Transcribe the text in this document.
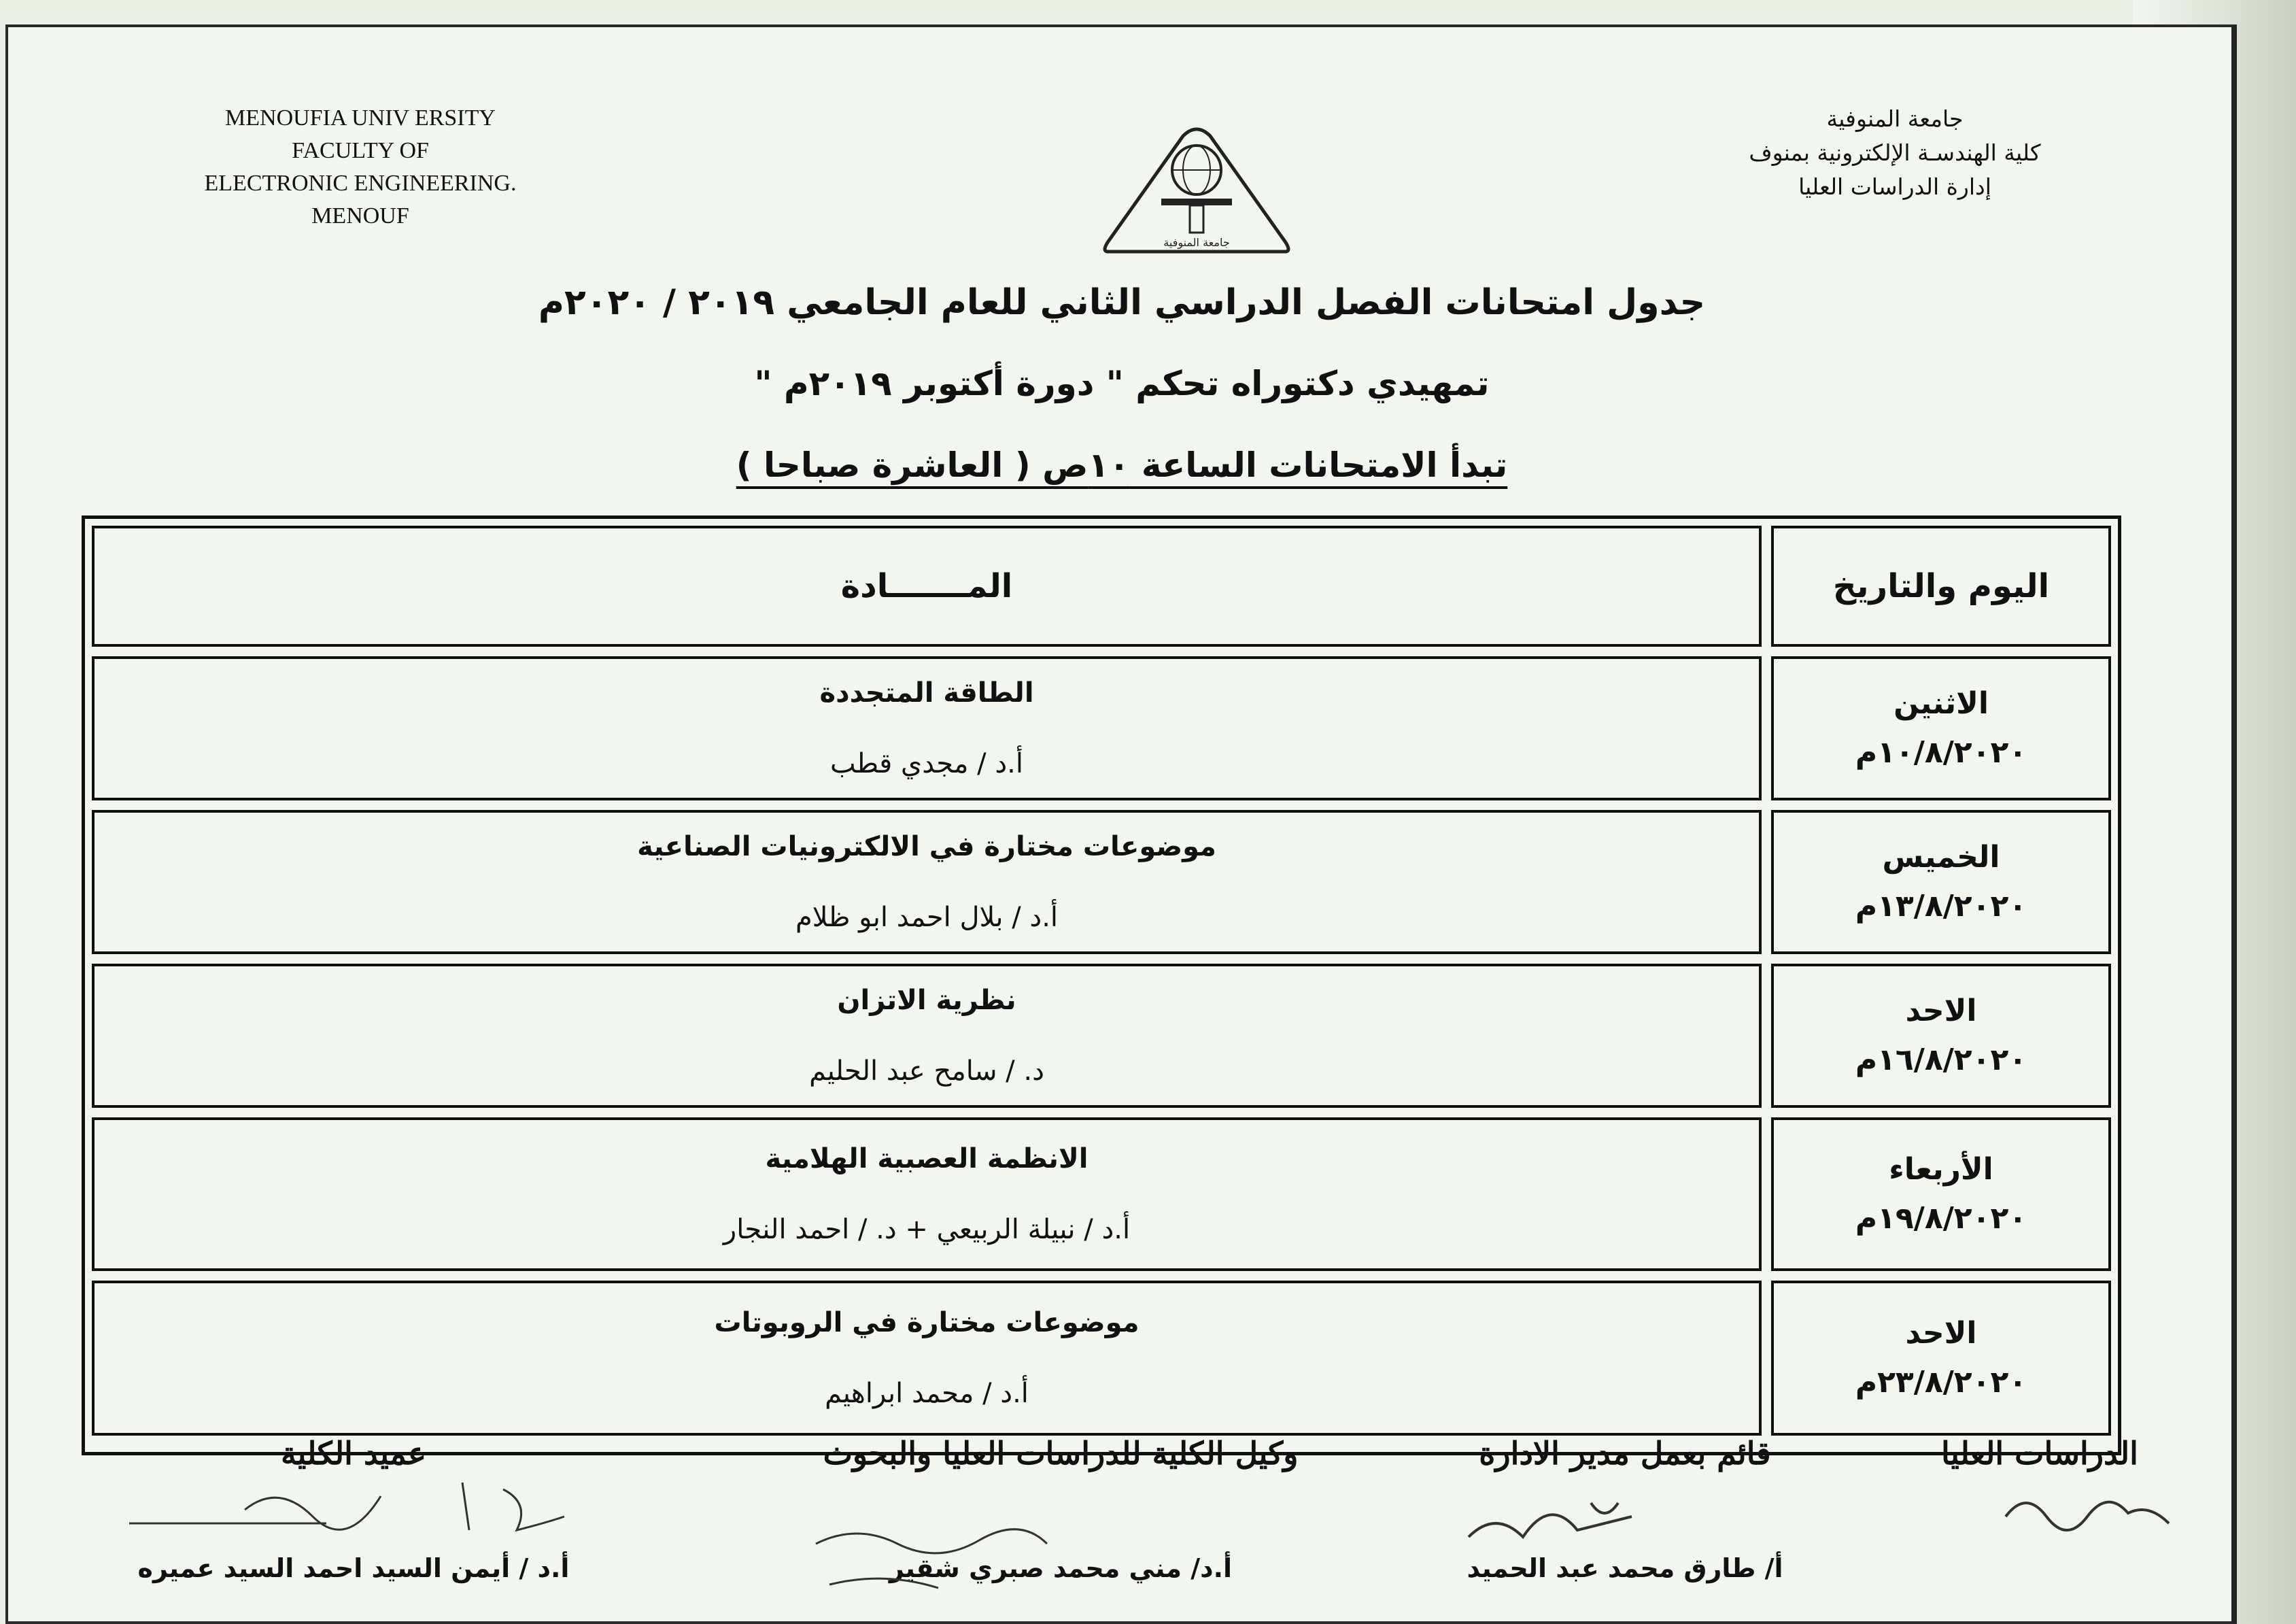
MENOUFIA UNIV ERSITY
FACULTY OF
ELECTRONIC ENGINEERING.
MENOUF
جامعة المنوفية
جامعة المنوفية
كلية الهندسـة الإلكترونية بمنوف
إدارة الدراسات العليا
جدول امتحانات الفصل الدراسي الثاني للعام الجامعي ٢٠١٩ / ٢٠٢٠م
تمهيدي دكتوراه تحكم " دورة أكتوبر ٢٠١٩م "
تبدأ الامتحانات الساعة ١٠ص ( العاشرة صباحا )
اليوم والتاريخ
المـــــــادة
الاثنين
١٠/٨/٢٠٢٠م
الطاقة المتجددة
أ.د / مجدي قطب
الخميس
١٣/٨/٢٠٢٠م
موضوعات مختارة في الالكترونيات الصناعية
أ.د / بلال احمد ابو ظلام
الاحد
١٦/٨/٢٠٢٠م
نظرية الاتزان
د. / سامح عبد الحليم
الأربعاء
١٩/٨/٢٠٢٠م
الانظمة العصبية الهلامية
أ.د / نبيلة الربيعي + د. / احمد النجار
الاحد
٢٣/٨/٢٠٢٠م
موضوعات مختارة في الروبوتات
أ.د / محمد ابراهيم
الدراسات العليا
قائم بعمل مدير الادارة
أ/ طارق محمد عبد الحميد
وكيل الكلية للدراسات العليا والبحوث
أ.د/ مني محمد صبري شقير
عميد الكلية
أ.د / أيمن السيد احمد السيد عميره
